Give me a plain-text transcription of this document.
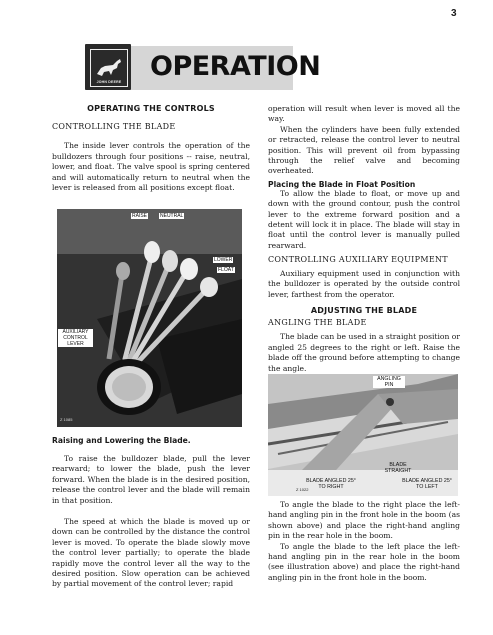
3
JOHN DEERE OPERATION
OPERATING THE CONTROLS
CONTROLLING THE BLADE

The inside lever controls the operation of the bulldozers through four positions -- raise, neutral, lower, and float. The valve spool is spring centered and will automatically return to neutral when the lever is released from all positions except float.

RAISE	NEUTRAL
LOWER
FLOAT
AUXILIARY CONTROL LEVER
Z 1085
Raising and Lowering the Blade.

To raise the bulldozer blade, pull the lever rearward; to lower the blade, push the lever forward. When the blade is in the desired position, release the control lever and the blade will remain in that position.

The speed at which the blade is moved up or down can be controlled by the distance the control lever is moved. To operate the blade slowly move the control lever partially; to operate the blade rapidly move the control lever all the way to the desired position. Slow operation can be achieved by partial movement of the control lever; rapid

operation will result when lever is moved all the way.

When the cylinders have been fully extended or retracted, release the control lever to neutral position. This will prevent oil from bypassing through the relief valve and becoming overheated.

Placing the Blade in Float Position

To allow the blade to float, or move up and down with the ground contour, push the control lever to the extreme forward position and a detent will lock it in place. The blade will stay in float until the control lever is manually pulled rearward.

CONTROLLING AUXILIARY EQUIPMENT

Auxiliary equipment used in conjunction with the bulldozer is operated by the outside control lever, farthest from the operator.

ADJUSTING THE BLADE
ANGLING THE BLADE

The blade can be used in a straight position or angled 25 degrees to the right or left. Raise the blade off the ground before attempting to change the angle.

ANGLING PIN
BLADE STRAIGHT
BLADE ANGLED 25° TO RIGHT
BLADE ANGLED 25° TO LEFT
Z 1022

To angle the blade to the right place the left-hand angling pin in the front hole in the boom (as shown above) and place the right-hand angling pin in the rear hole in the boom.

To angle the blade to the left place the left-hand angling pin in the rear hole in the boom (see illustration above) and place the right-hand angling pin in the front hole in the boom.
